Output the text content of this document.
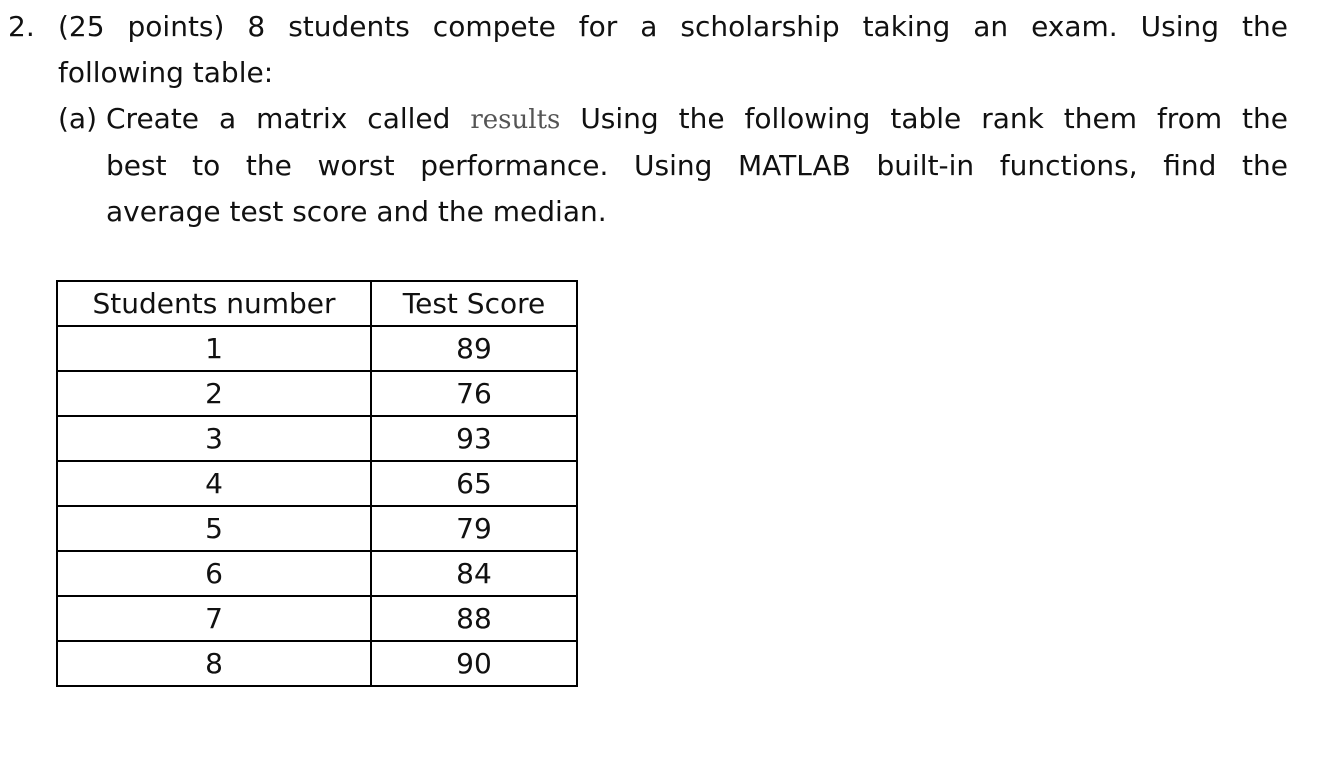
2. (25 points) 8 students compete for a scholarship taking an exam. Using the
following table:
(a) Create a matrix called results Using the following table rank them from the
best to the worst performance. Using MATLAB built-in functions, find the
average test score and the median.
Students number	Test Score
1	89
2	76
3	93
4	65
5	79
6	84
7	88
8	90
